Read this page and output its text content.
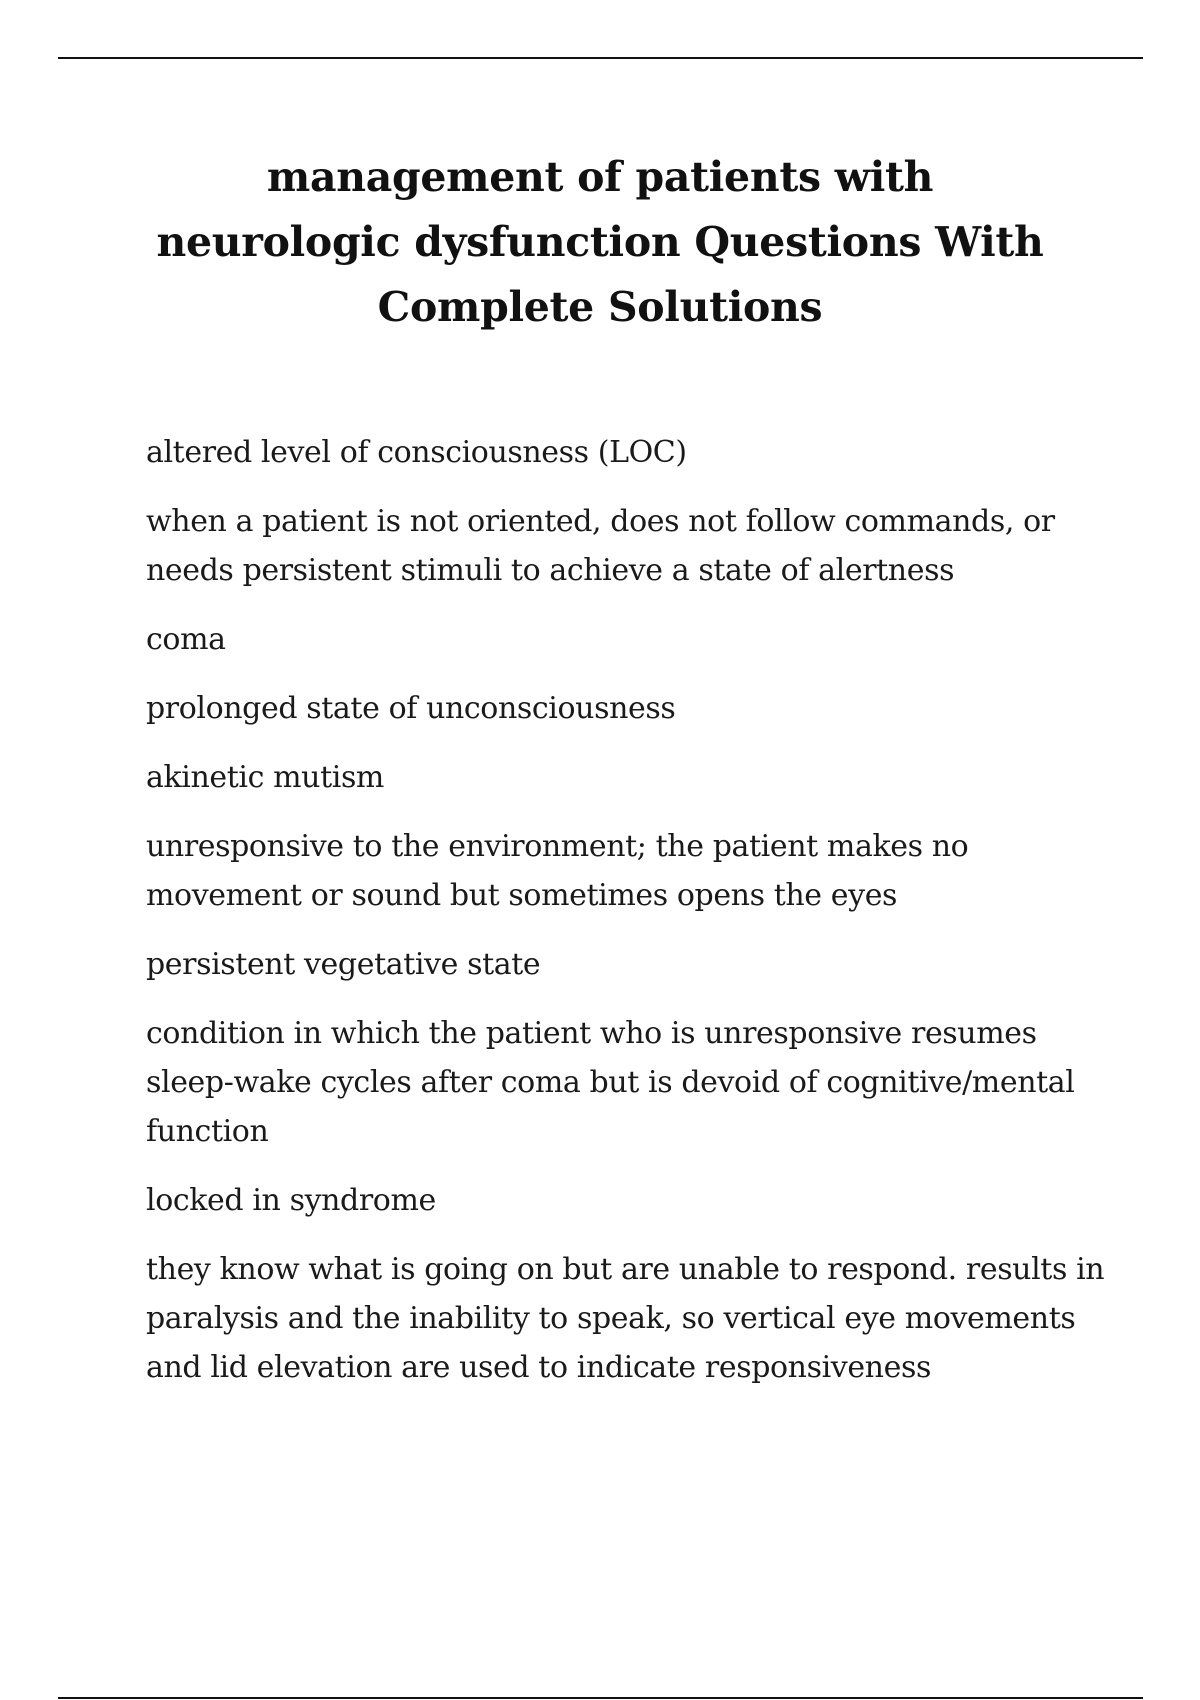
management of patients with neurologic dysfunction Questions With Complete Solutions

altered level of consciousness (LOC)

when a patient is not oriented, does not follow commands, or needs persistent stimuli to achieve a state of alertness

coma

prolonged state of unconsciousness

akinetic mutism

unresponsive to the environment; the patient makes no movement or sound but sometimes opens the eyes

persistent vegetative state

condition in which the patient who is unresponsive resumes sleep-wake cycles after coma but is devoid of cognitive/mental function

locked in syndrome

they know what is going on but are unable to respond. results in paralysis and the inability to speak, so vertical eye movements and lid elevation are used to indicate responsiveness
